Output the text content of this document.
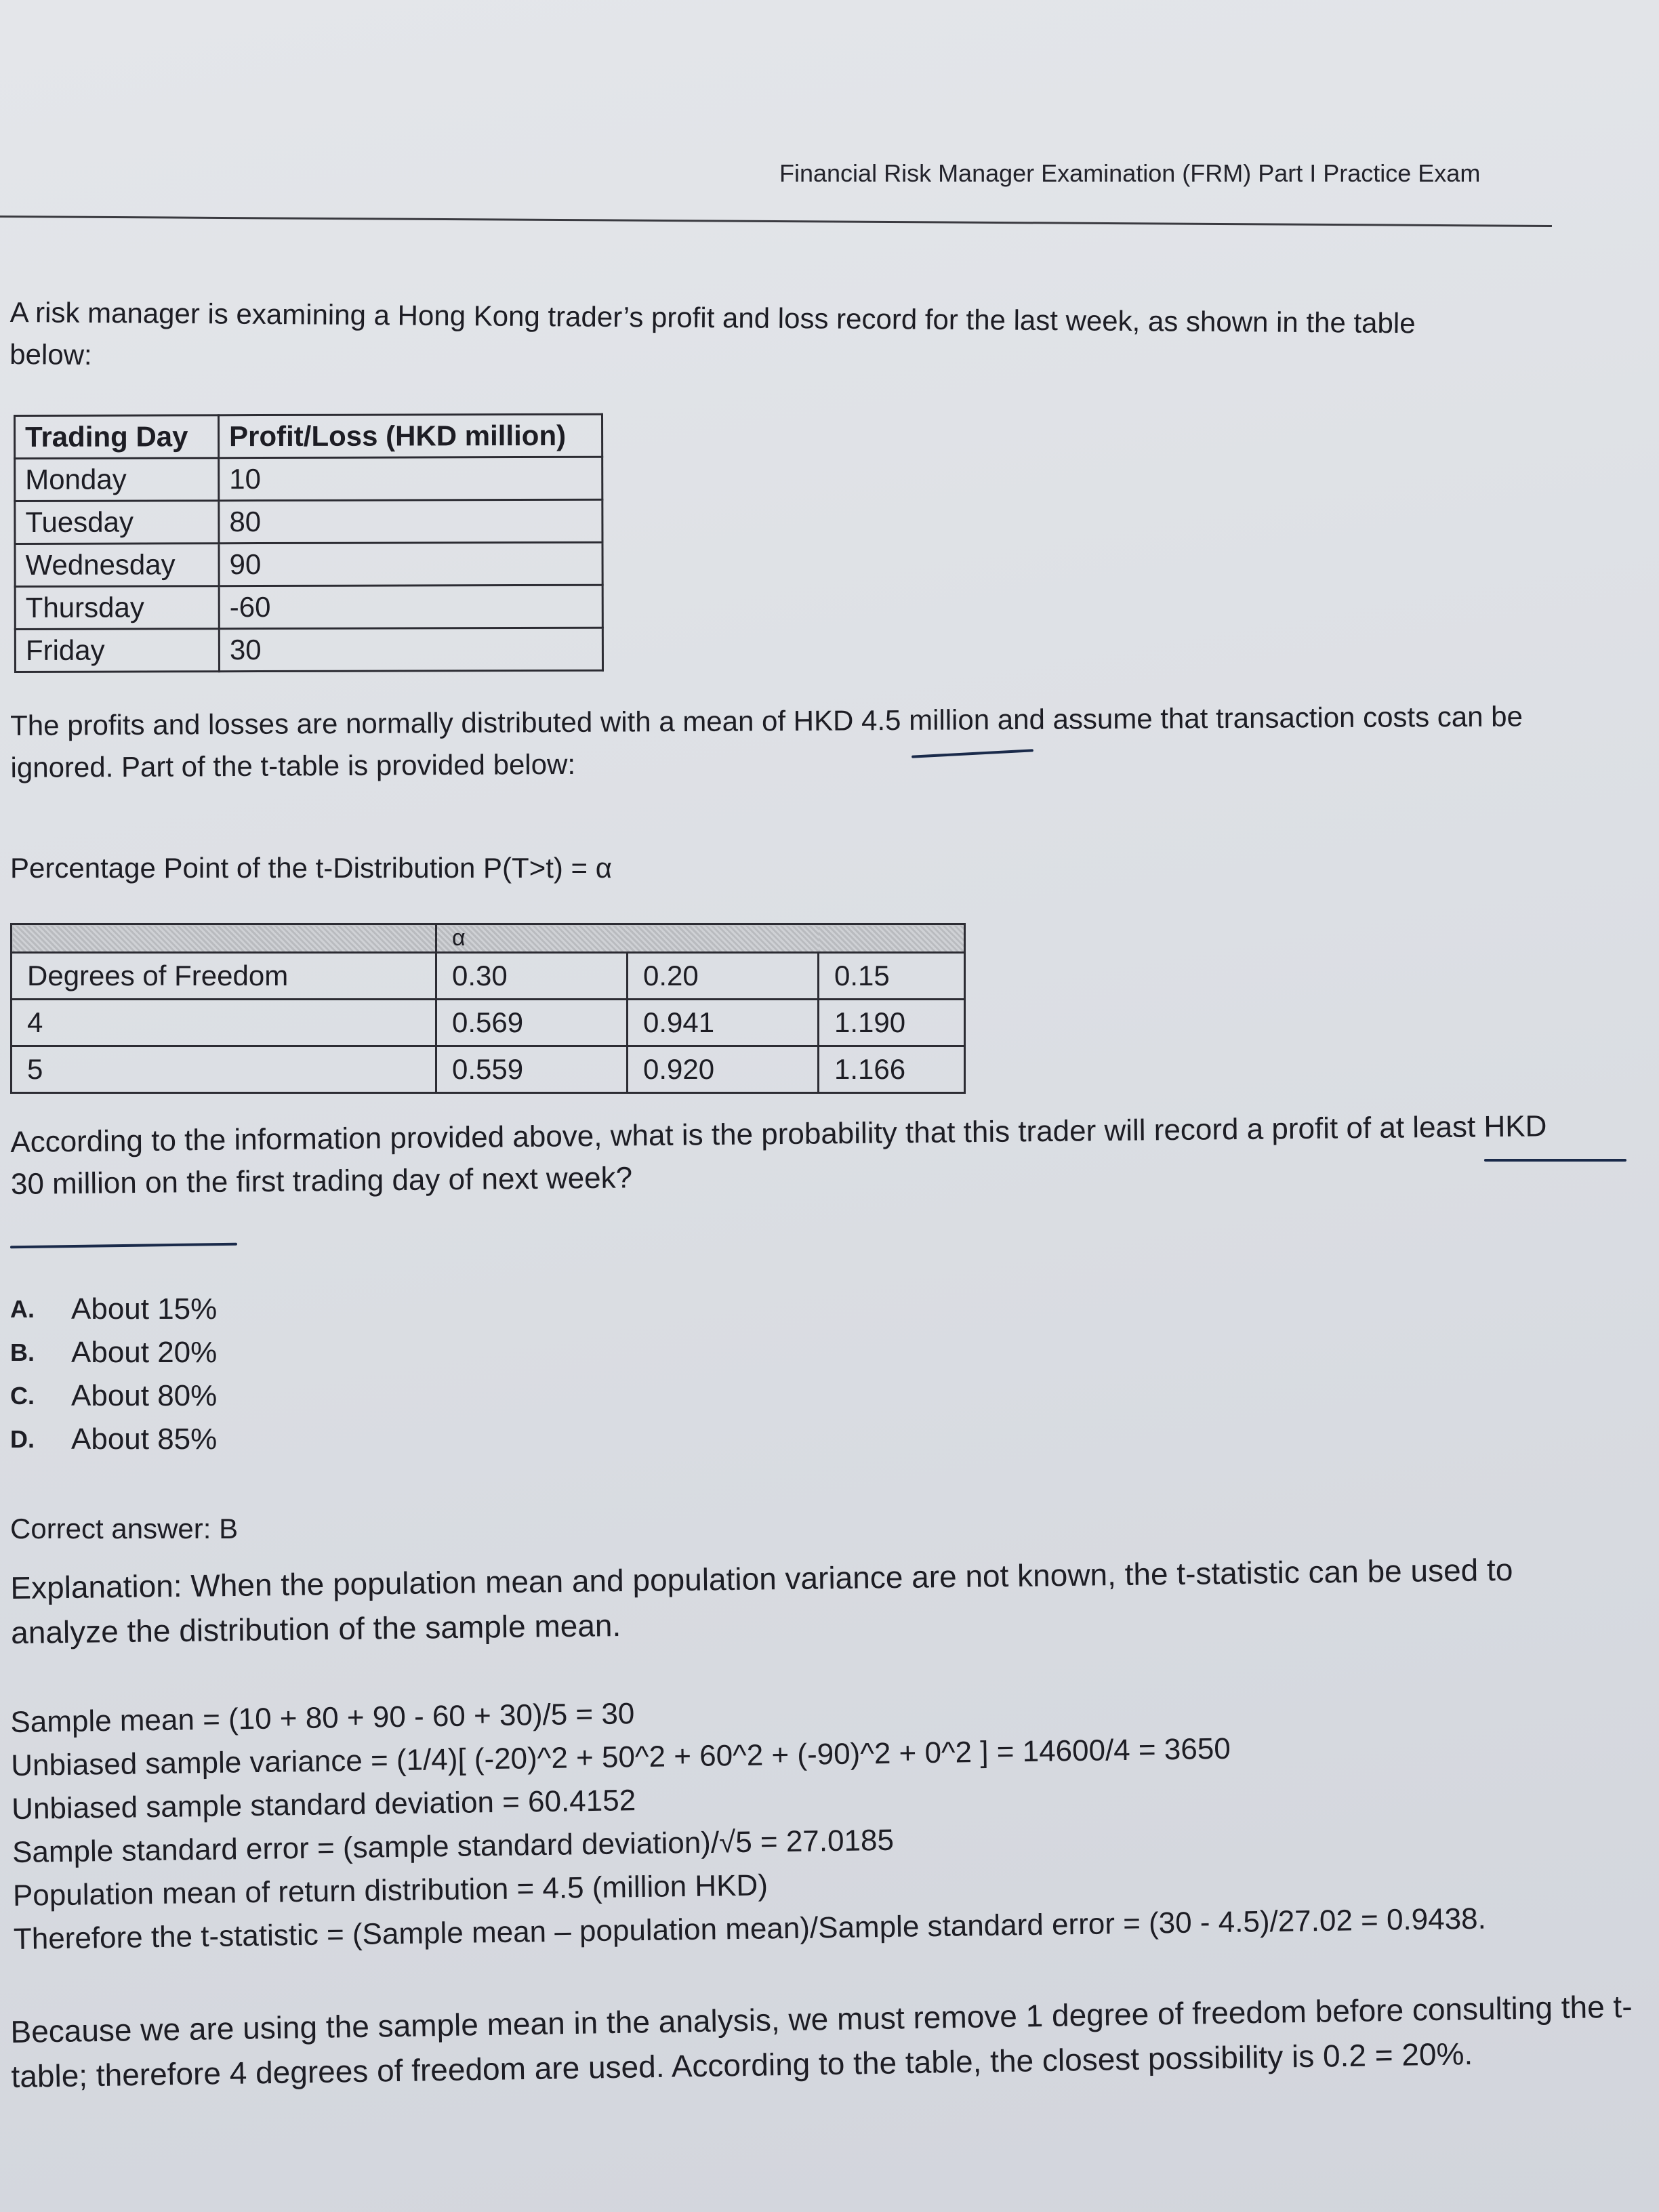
Financial Risk Manager Examination (FRM) Part I Practice Exam
A risk manager is examining a Hong Kong trader’s profit and loss record for the last week, as shown in the table below:
Trading Day	Profit/Loss (HKD million)
Monday	10
Tuesday	80
Wednesday	90
Thursday	-60
Friday	30
The profits and losses are normally distributed with a mean of HKD 4.5 million and assume that transaction costs can be ignored. Part of the t-table is provided below:
Percentage Point of the t-Distribution P(T>t) = α
	α		
Degrees of Freedom	0.30	0.20	0.15
4	0.569	0.941	1.190
5	0.559	0.920	1.166
According to the information provided above, what is the probability that this trader will record a profit of at least HKD 30 million on the first trading day of next week?
A.	About 15%
B.	About 20%
C.	About 80%
D.	About 85%
Correct answer: B
Explanation: When the population mean and population variance are not known, the t-statistic can be used to analyze the distribution of the sample mean.
Sample mean = (10 + 80 + 90 - 60 + 30)/5 = 30
Unbiased sample variance = (1/4)[ (-20)^2 + 50^2 + 60^2 + (-90)^2 + 0^2 ] = 14600/4 = 3650
Unbiased sample standard deviation = 60.4152
Sample standard error = (sample standard deviation)/√5 = 27.0185
Population mean of return distribution = 4.5 (million HKD)
Therefore the t-statistic = (Sample mean – population mean)/Sample standard error = (30 - 4.5)/27.02 = 0.9438.
Because we are using the sample mean in the analysis, we must remove 1 degree of freedom before consulting the t-table; therefore 4 degrees of freedom are used. According to the table, the closest possibility is 0.2 = 20%.
